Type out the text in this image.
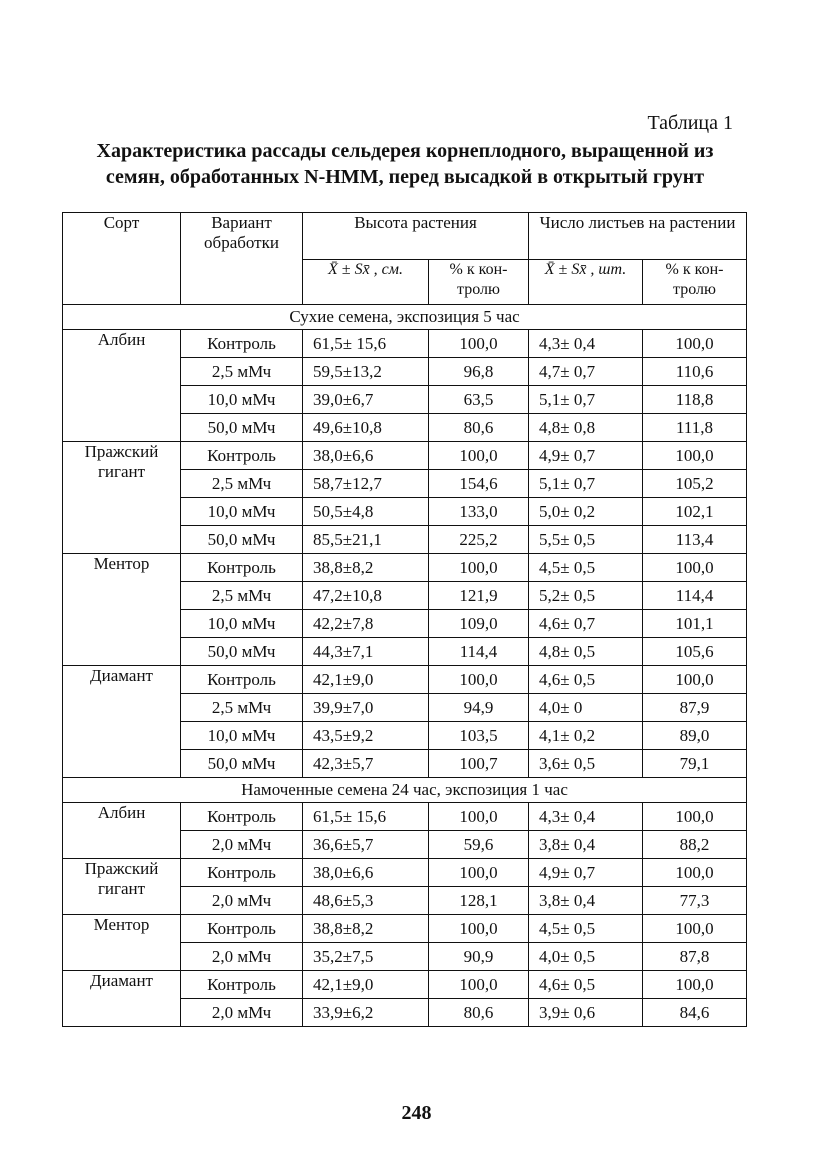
Таблица 1
Характеристика рассады сельдерея корнеплодного, выращенной из
семян, обработанных N-НММ, перед высадкой в открытый грунт
Сорт	Вариант обработки	Высота растения		Число листьев на растении	
		X̄ ± Sx̄ , см.	% к кон-тролю	X̄ ± Sx̄ , шт.	% к кон-тролю
Сухие семена, экспозиция 5 час					
Албин	Контроль	61,5± 15,6	100,0	4,3± 0,4	100,0
	2,5 мМч	59,5±13,2	96,8	4,7± 0,7	110,6
	10,0 мМч	39,0±6,7	63,5	5,1± 0,7	118,8
	50,0 мМч	49,6±10,8	80,6	4,8± 0,8	111,8
Пражский гигант	Контроль	38,0±6,6	100,0	4,9± 0,7	100,0
	2,5 мМч	58,7±12,7	154,6	5,1± 0,7	105,2
	10,0 мМч	50,5±4,8	133,0	5,0± 0,2	102,1
	50,0 мМч	85,5±21,1	225,2	5,5± 0,5	113,4
Ментор	Контроль	38,8±8,2	100,0	4,5± 0,5	100,0
	2,5 мМч	47,2±10,8	121,9	5,2± 0,5	114,4
	10,0 мМч	42,2±7,8	109,0	4,6± 0,7	101,1
	50,0 мМч	44,3±7,1	114,4	4,8± 0,5	105,6
Диамант	Контроль	42,1±9,0	100,0	4,6± 0,5	100,0
	2,5 мМч	39,9±7,0	94,9	4,0± 0	87,9
	10,0 мМч	43,5±9,2	103,5	4,1± 0,2	89,0
	50,0 мМч	42,3±5,7	100,7	3,6± 0,5	79,1
Намоченные семена 24 час, экспозиция 1 час					
Албин	Контроль	61,5± 15,6	100,0	4,3± 0,4	100,0
	2,0 мМч	36,6±5,7	59,6	3,8± 0,4	88,2
Пражский гигант	Контроль	38,0±6,6	100,0	4,9± 0,7	100,0
	2,0 мМч	48,6±5,3	128,1	3,8± 0,4	77,3
Ментор	Контроль	38,8±8,2	100,0	4,5± 0,5	100,0
	2,0 мМч	35,2±7,5	90,9	4,0± 0,5	87,8
Диамант	Контроль	42,1±9,0	100,0	4,6± 0,5	100,0
	2,0 мМч	33,9±6,2	80,6	3,9± 0,6	84,6
248
